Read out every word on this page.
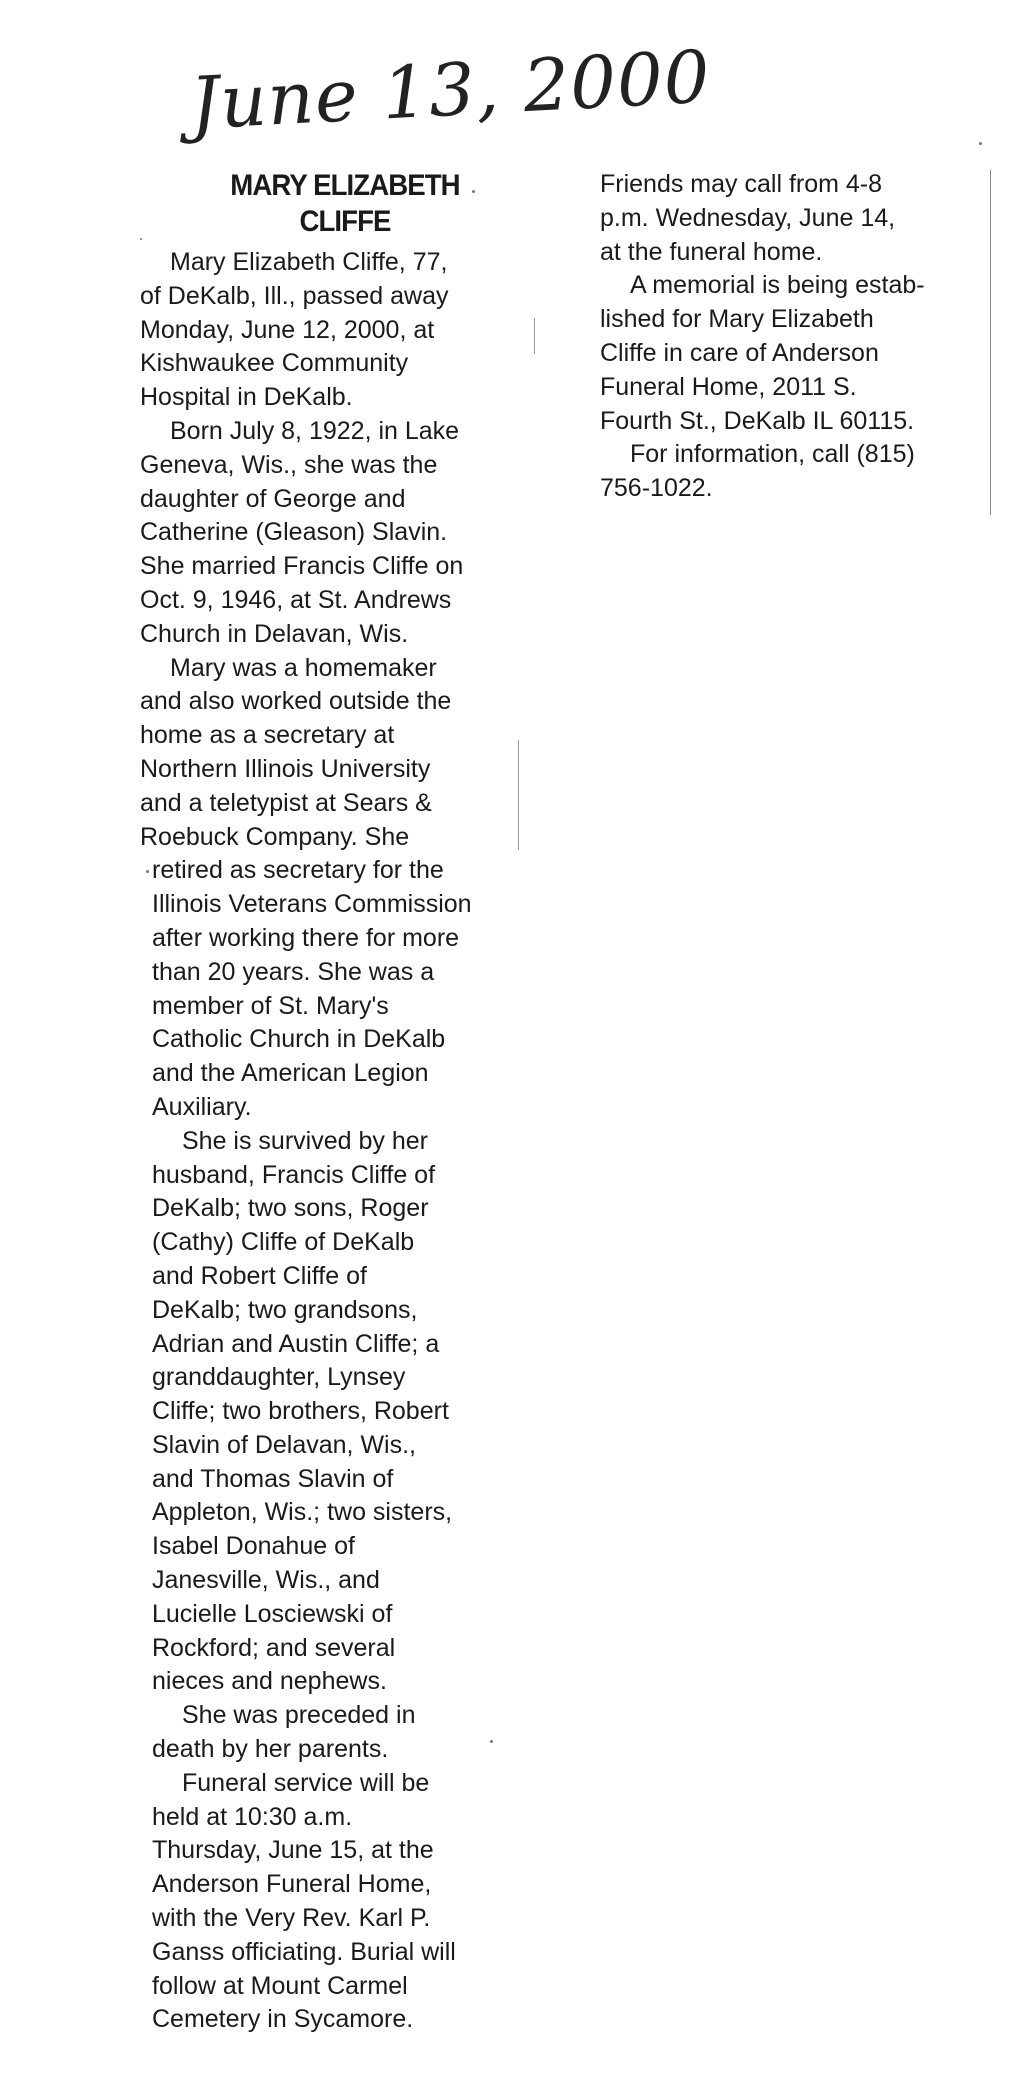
June 13, 2000
MARY ELIZABETH
CLIFFE

Mary Elizabeth Cliffe, 77,
of DeKalb, Ill., passed away
Monday, June 12, 2000, at
Kishwaukee Community
Hospital in DeKalb.

Born July 8, 1922, in Lake
Geneva, Wis., she was the
daughter of George and
Catherine (Gleason) Slavin.
She married Francis Cliffe on
Oct. 9, 1946, at St. Andrews
Church in Delavan, Wis.

Mary was a homemaker
and also worked outside the
home as a secretary at
Northern Illinois University
and a teletypist at Sears &
Roebuck Company. She

retired as secretary for the
Illinois Veterans Commission
after working there for more
than 20 years. She was a
member of St. Mary's
Catholic Church in DeKalb
and the American Legion
Auxiliary.

She is survived by her
husband, Francis Cliffe of
DeKalb; two sons, Roger
(Cathy) Cliffe of DeKalb
and Robert Cliffe of
DeKalb; two grandsons,
Adrian and Austin Cliffe; a
granddaughter, Lynsey
Cliffe; two brothers, Robert
Slavin of Delavan, Wis.,
and Thomas Slavin of
Appleton, Wis.; two sisters,
Isabel Donahue of
Janesville, Wis., and
Lucielle Losciewski of
Rockford; and several
nieces and nephews.

She was preceded in
death by her parents.

Funeral service will be
held at 10:30 a.m.
Thursday, June 15, at the
Anderson Funeral Home,
with the Very Rev. Karl P.
Ganss officiating. Burial will
follow at Mount Carmel
Cemetery in Sycamore.

Friends may call from 4-8
p.m. Wednesday, June 14,
at the funeral home.

A memorial is being estab-
lished for Mary Elizabeth
Cliffe in care of Anderson
Funeral Home, 2011 S.
Fourth St., DeKalb IL 60115.

For information, call (815)
756-1022.
